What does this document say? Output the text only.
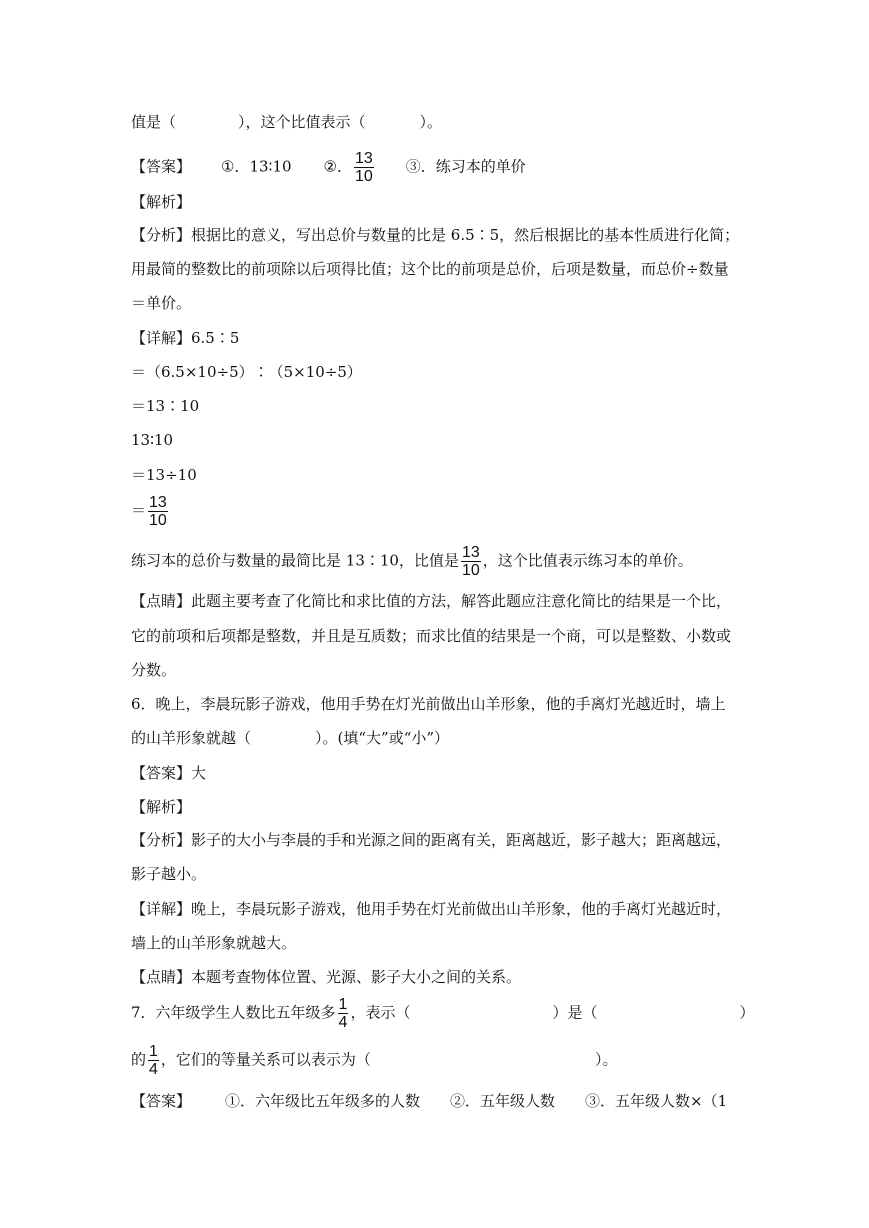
值是（	），这个比值表示（	）。
【答案】 ①．13∶10 ②． $\frac{13}{10}$ ③．练习本的单价
【解析】
【分析】根据比的意义，写出总价与数量的比是 6.5∶5，然后根据比的基本性质进行化简；
用最简的整数比的前项除以后项得比值；这个比的前项是总价，后项是数量，而总价÷数量
＝单价。
【详解】6.5∶5
＝（6.5×10÷5）∶（5×10÷5）
＝13∶10
13∶10
＝13÷10
＝ $\frac{13}{10}$
练习本的总价与数量的最简比是 13∶10，比值是 $\frac{13}{10}$ ，这个比值表示练习本的单价。
【点睛】此题主要考查了化简比和求比值的方法，解答此题应注意化简比的结果是一个比，
它的前项和后项都是整数，并且是互质数；而求比值的结果是一个商，可以是整数、小数或
分数。
6．晚上，李晨玩影子游戏，他用手势在灯光前做出山羊形象，他的手离灯光越近时，墙上
的山羊形象就越（	）。(填“大”或“小”）
【答案】大
【解析】
【分析】影子的大小与李晨的手和光源之间的距离有关，距离越近，影子越大；距离越远，
影子越小。
【详解】晚上，李晨玩影子游戏，他用手势在灯光前做出山羊形象，他的手离灯光越近时，
墙上的山羊形象就越大。
【点睛】本题考查物体位置、光源、影子大小之间的关系。
7．六年级学生人数比五年级多 $\frac{1}{4}$ ，表示（	）是（	）
的 $\frac{1}{4}$ ，它们的等量关系可以表示为（	）。
【答案】 ①．六年级比五年级多的人数 ②．五年级人数 ③．五年级人数×（1
